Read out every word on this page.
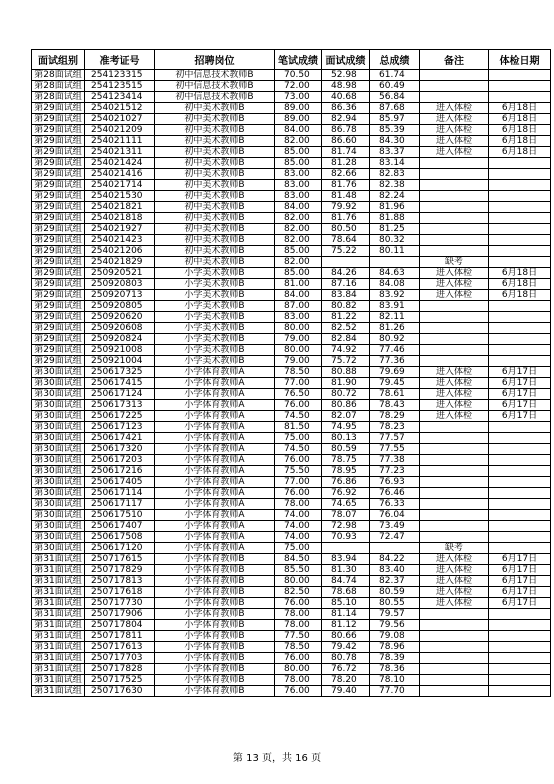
面试组别	准考证号	招聘岗位	笔试成绩	面试成绩	总成绩	备注	体检日期
第28面试组	254123315	初中信息技术教师B	70.50	52.98	61.74		
第28面试组	254123515	初中信息技术教师B	72.00	48.98	60.49		
第28面试组	254123414	初中信息技术教师B	73.00	40.68	56.84		
第29面试组	254021512	初中美术教师B	89.00	86.36	87.68	进入体检	6月18日
第29面试组	254021027	初中美术教师B	89.00	82.94	85.97	进入体检	6月18日
第29面试组	254021209	初中美术教师B	84.00	86.78	85.39	进入体检	6月18日
第29面试组	254021111	初中美术教师B	82.00	86.60	84.30	进入体检	6月18日
第29面试组	254021311	初中美术教师B	85.00	81.74	83.37	进入体检	6月18日
第29面试组	254021424	初中美术教师B	85.00	81.28	83.14		
第29面试组	254021416	初中美术教师B	83.00	82.66	82.83		
第29面试组	254021714	初中美术教师B	83.00	81.76	82.38		
第29面试组	254021530	初中美术教师B	83.00	81.48	82.24		
第29面试组	254021821	初中美术教师B	84.00	79.92	81.96		
第29面试组	254021818	初中美术教师B	82.00	81.76	81.88		
第29面试组	254021927	初中美术教师B	82.00	80.50	81.25		
第29面试组	254021423	初中美术教师B	82.00	78.64	80.32		
第29面试组	254021206	初中美术教师B	85.00	75.22	80.11		
第29面试组	254021829	初中美术教师B	82.00			缺考	
第29面试组	250920521	小学美术教师B	85.00	84.26	84.63	进入体检	6月18日
第29面试组	250920803	小学美术教师B	81.00	87.16	84.08	进入体检	6月18日
第29面试组	250920713	小学美术教师B	84.00	83.84	83.92	进入体检	6月18日
第29面试组	250920805	小学美术教师B	87.00	80.82	83.91		
第29面试组	250920620	小学美术教师B	83.00	81.22	82.11		
第29面试组	250920608	小学美术教师B	80.00	82.52	81.26		
第29面试组	250920824	小学美术教师B	79.00	82.84	80.92		
第29面试组	250921008	小学美术教师B	80.00	74.92	77.46		
第29面试组	250921004	小学美术教师B	79.00	75.72	77.36		
第30面试组	250617325	小学体育教师A	78.50	80.88	79.69	进入体检	6月17日
第30面试组	250617415	小学体育教师A	77.00	81.90	79.45	进入体检	6月17日
第30面试组	250617124	小学体育教师A	76.50	80.72	78.61	进入体检	6月17日
第30面试组	250617313	小学体育教师A	76.00	80.86	78.43	进入体检	6月17日
第30面试组	250617225	小学体育教师A	74.50	82.07	78.29	进入体检	6月17日
第30面试组	250617123	小学体育教师A	81.50	74.95	78.23		
第30面试组	250617421	小学体育教师A	75.00	80.13	77.57		
第30面试组	250617320	小学体育教师A	74.50	80.59	77.55		
第30面试组	250617203	小学体育教师A	76.00	78.75	77.38		
第30面试组	250617216	小学体育教师A	75.50	78.95	77.23		
第30面试组	250617405	小学体育教师A	77.00	76.86	76.93		
第30面试组	250617114	小学体育教师A	76.00	76.92	76.46		
第30面试组	250617117	小学体育教师A	78.00	74.65	76.33		
第30面试组	250617510	小学体育教师A	74.00	78.07	76.04		
第30面试组	250617407	小学体育教师A	74.00	72.98	73.49		
第30面试组	250617508	小学体育教师A	74.00	70.93	72.47		
第30面试组	250617120	小学体育教师A	75.00			缺考	
第31面试组	250717615	小学体育教师B	84.50	83.94	84.22	进入体检	6月17日
第31面试组	250717829	小学体育教师B	85.50	81.30	83.40	进入体检	6月17日
第31面试组	250717813	小学体育教师B	80.00	84.74	82.37	进入体检	6月17日
第31面试组	250717618	小学体育教师B	82.50	78.68	80.59	进入体检	6月17日
第31面试组	250717730	小学体育教师B	76.00	85.10	80.55	进入体检	6月17日
第31面试组	250717906	小学体育教师B	78.00	81.14	79.57		
第31面试组	250717804	小学体育教师B	78.00	81.12	79.56		
第31面试组	250717811	小学体育教师B	77.50	80.66	79.08		
第31面试组	250717613	小学体育教师B	78.50	79.42	78.96		
第31面试组	250717703	小学体育教师B	76.00	80.78	78.39		
第31面试组	250717828	小学体育教师B	80.00	76.72	78.36		
第31面试组	250717525	小学体育教师B	78.00	78.20	78.10		
第31面试组	250717630	小学体育教师B	76.00	79.40	77.70		
第 13 页，共 16 页
